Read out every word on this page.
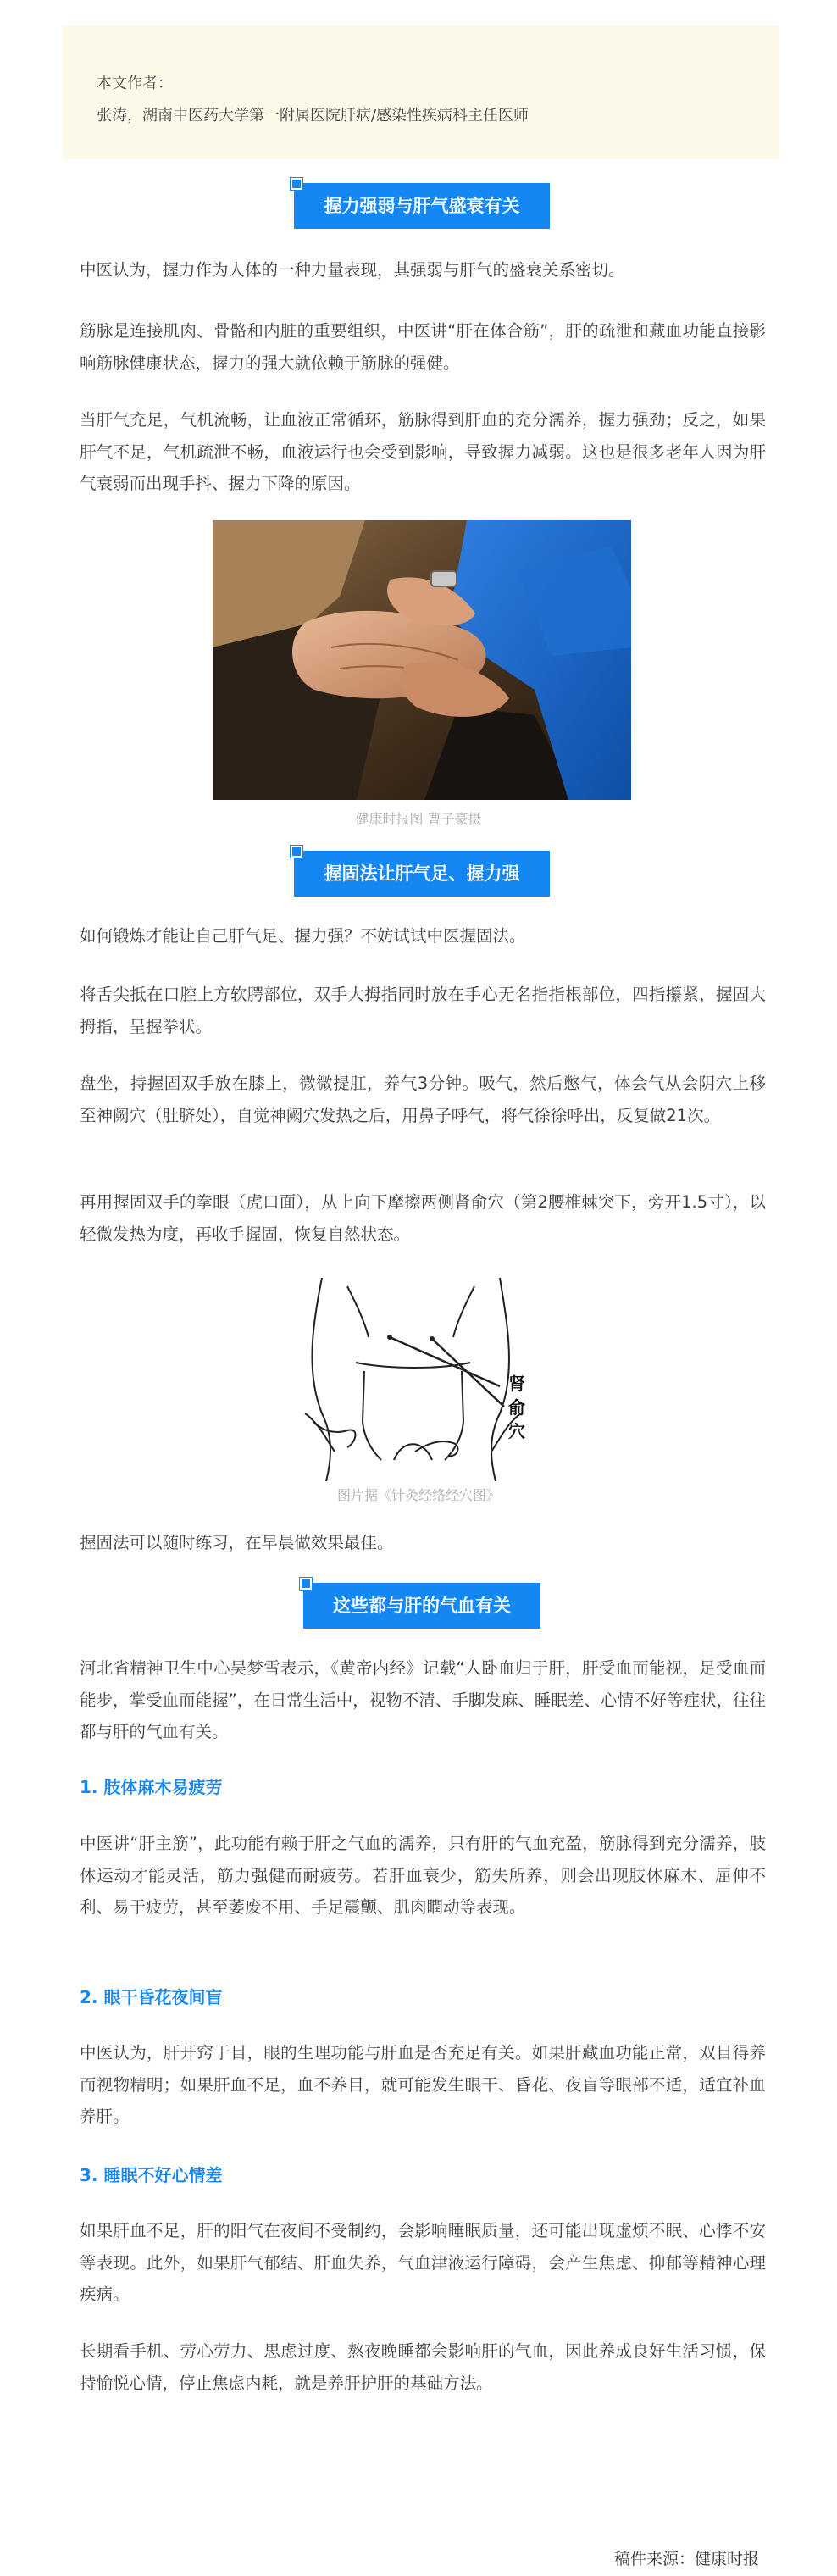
本文作者：

张涛，湖南中医药大学第一附属医院肝病/感染性疾病科主任医师

握力强弱与肝气盛衰有关
中医认为，握力作为人体的一种力量表现，其强弱与肝气的盛衰关系密切。
筋脉是连接肌肉、骨骼和内脏的重要组织，中医讲“肝在体合筋”，肝的疏泄和藏血功能直接影响筋脉健康状态，握力的强大就依赖于筋脉的强健。
当肝气充足，气机流畅，让血液正常循环，筋脉得到肝血的充分濡养，握力强劲；反之，如果肝气不足，气机疏泄不畅，血液运行也会受到影响，导致握力减弱。这也是很多老年人因为肝气衰弱而出现手抖、握力下降的原因。
健康时报图 曹子豪摄
握固法让肝气足、握力强
如何锻炼才能让自己肝气足、握力强？不妨试试中医握固法。
将舌尖抵在口腔上方软腭部位，双手大拇指同时放在手心无名指指根部位，四指攥紧，握固大拇指，呈握拳状。
盘坐，持握固双手放在膝上，微微提肛，养气3分钟。吸气，然后憋气，体会气从会阴穴上移至神阙穴（肚脐处），自觉神阙穴发热之后，用鼻子呼气，将气徐徐呼出，反复做21次。
再用握固双手的拳眼（虎口面），从上向下摩擦两侧肾俞穴（第2腰椎棘突下，旁开1.5寸），以轻微发热为度，再收手握固，恢复自然状态。
肾
俞
穴
图片据《针灸经络经穴图》
握固法可以随时练习，在早晨做效果最佳。
这些都与肝的气血有关
河北省精神卫生中心吴梦雪表示，《黄帝内经》记载“人卧血归于肝，肝受血而能视，足受血而能步，掌受血而能握”，在日常生活中，视物不清、手脚发麻、睡眠差、心情不好等症状，往往都与肝的气血有关。
1. 肢体麻木易疲劳
中医讲“肝主筋”，此功能有赖于肝之气血的濡养，只有肝的气血充盈，筋脉得到充分濡养，肢体运动才能灵活，筋力强健而耐疲劳。若肝血衰少，筋失所养，则会出现肢体麻木、屈伸不利、易于疲劳，甚至萎废不用、手足震颤、肌肉瞤动等表现。
2. 眼干昏花夜间盲
中医认为，肝开窍于目，眼的生理功能与肝血是否充足有关。如果肝藏血功能正常，双目得养而视物精明；如果肝血不足，血不养目，就可能发生眼干、昏花、夜盲等眼部不适，适宜补血养肝。
3. 睡眠不好心情差
如果肝血不足，肝的阳气在夜间不受制约，会影响睡眠质量，还可能出现虚烦不眠、心悸不安等表现。此外，如果肝气郁结、肝血失养，气血津液运行障碍，会产生焦虑、抑郁等精神心理疾病。
长期看手机、劳心劳力、思虑过度、熬夜晚睡都会影响肝的气血，因此养成良好生活习惯，保持愉悦心情，停止焦虑内耗，就是养肝护肝的基础方法。
稿件来源：健康时报
